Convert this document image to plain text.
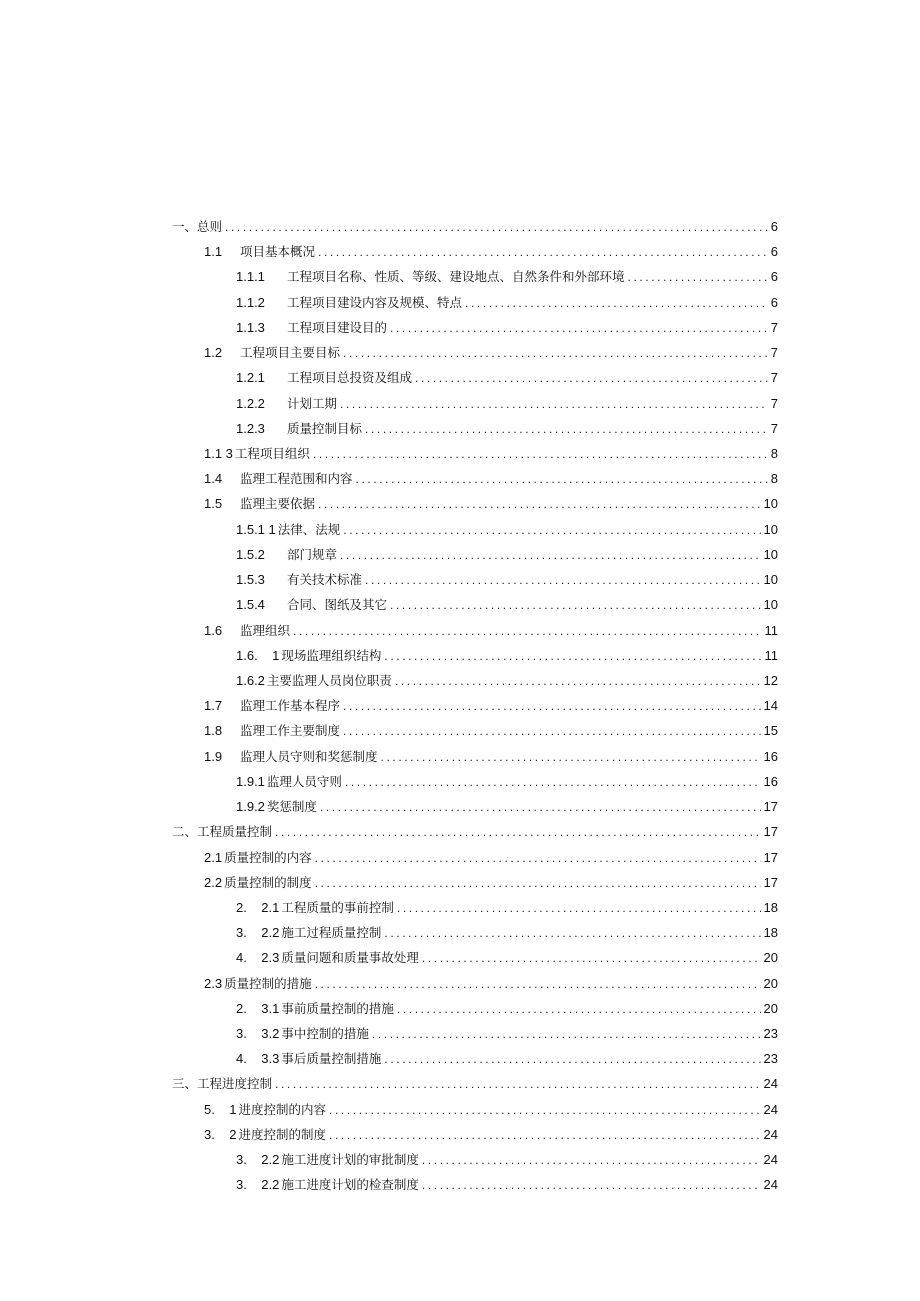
一、总则 .....	6
1.1	项目基本概况 .....	6
1.1.1	工程项目名称、性质、等级、建设地点、自然条件和外部环境 .....	6
1.1.2	工程项目建设内容及规模、特点 .....	6
1.1.3	工程项目建设目的 .....	7
1.2	工程项目主要目标 .....	7
1.2.1	工程项目总投资及组成 .....	7
1.2.2	计划工期 .....	7
1.2.3	质量控制目标 .....	7
1.1 3 工程项目组织 .....	8
1.4	监理工程范围和内容 .....	8
1.5	监理主要依据 .....	10
1.5.1 1 法律、法规 .....	10
1.5.2	部门规章 .....	10
1.5.3	有关技术标准 .....	10
1.5.4	合同、图纸及其它 .....	10
1.6	监理组织 .....	11
1.6.    1 现场监理组织结构 .....	11
1.6.2 主要监理人员岗位职责 .....	12
1.7	监理工作基本程序 .....	14
1.8	监理工作主要制度 .....	15
1.9	监理人员守则和奖惩制度 .....	16
1.9.1 监理人员守则 .....	16
1.9.2 奖惩制度 .....	17
二、工程质量控制 .....	17
2.1 质量控制的内容 .....	17
2.2 质量控制的制度 .....	17
2.    2.1 工程质量的事前控制 .....	18
3.    2.2 施工过程质量控制 .....	18
4.    2.3 质量问题和质量事故处理 .....	20
2.3 质量控制的措施 .....	20
2.    3.1 事前质量控制的措施 .....	20
3.    3.2 事中控制的措施 .....	23
4.    3.3 事后质量控制措施 .....	23
三、工程进度控制 .....	24
5.    1 进度控制的内容 .....	24
3.    2 进度控制的制度 .....	24
3.    2.2 施工进度计划的审批制度 .....	24
3.    2.2 施工进度计划的检查制度 .....	24
